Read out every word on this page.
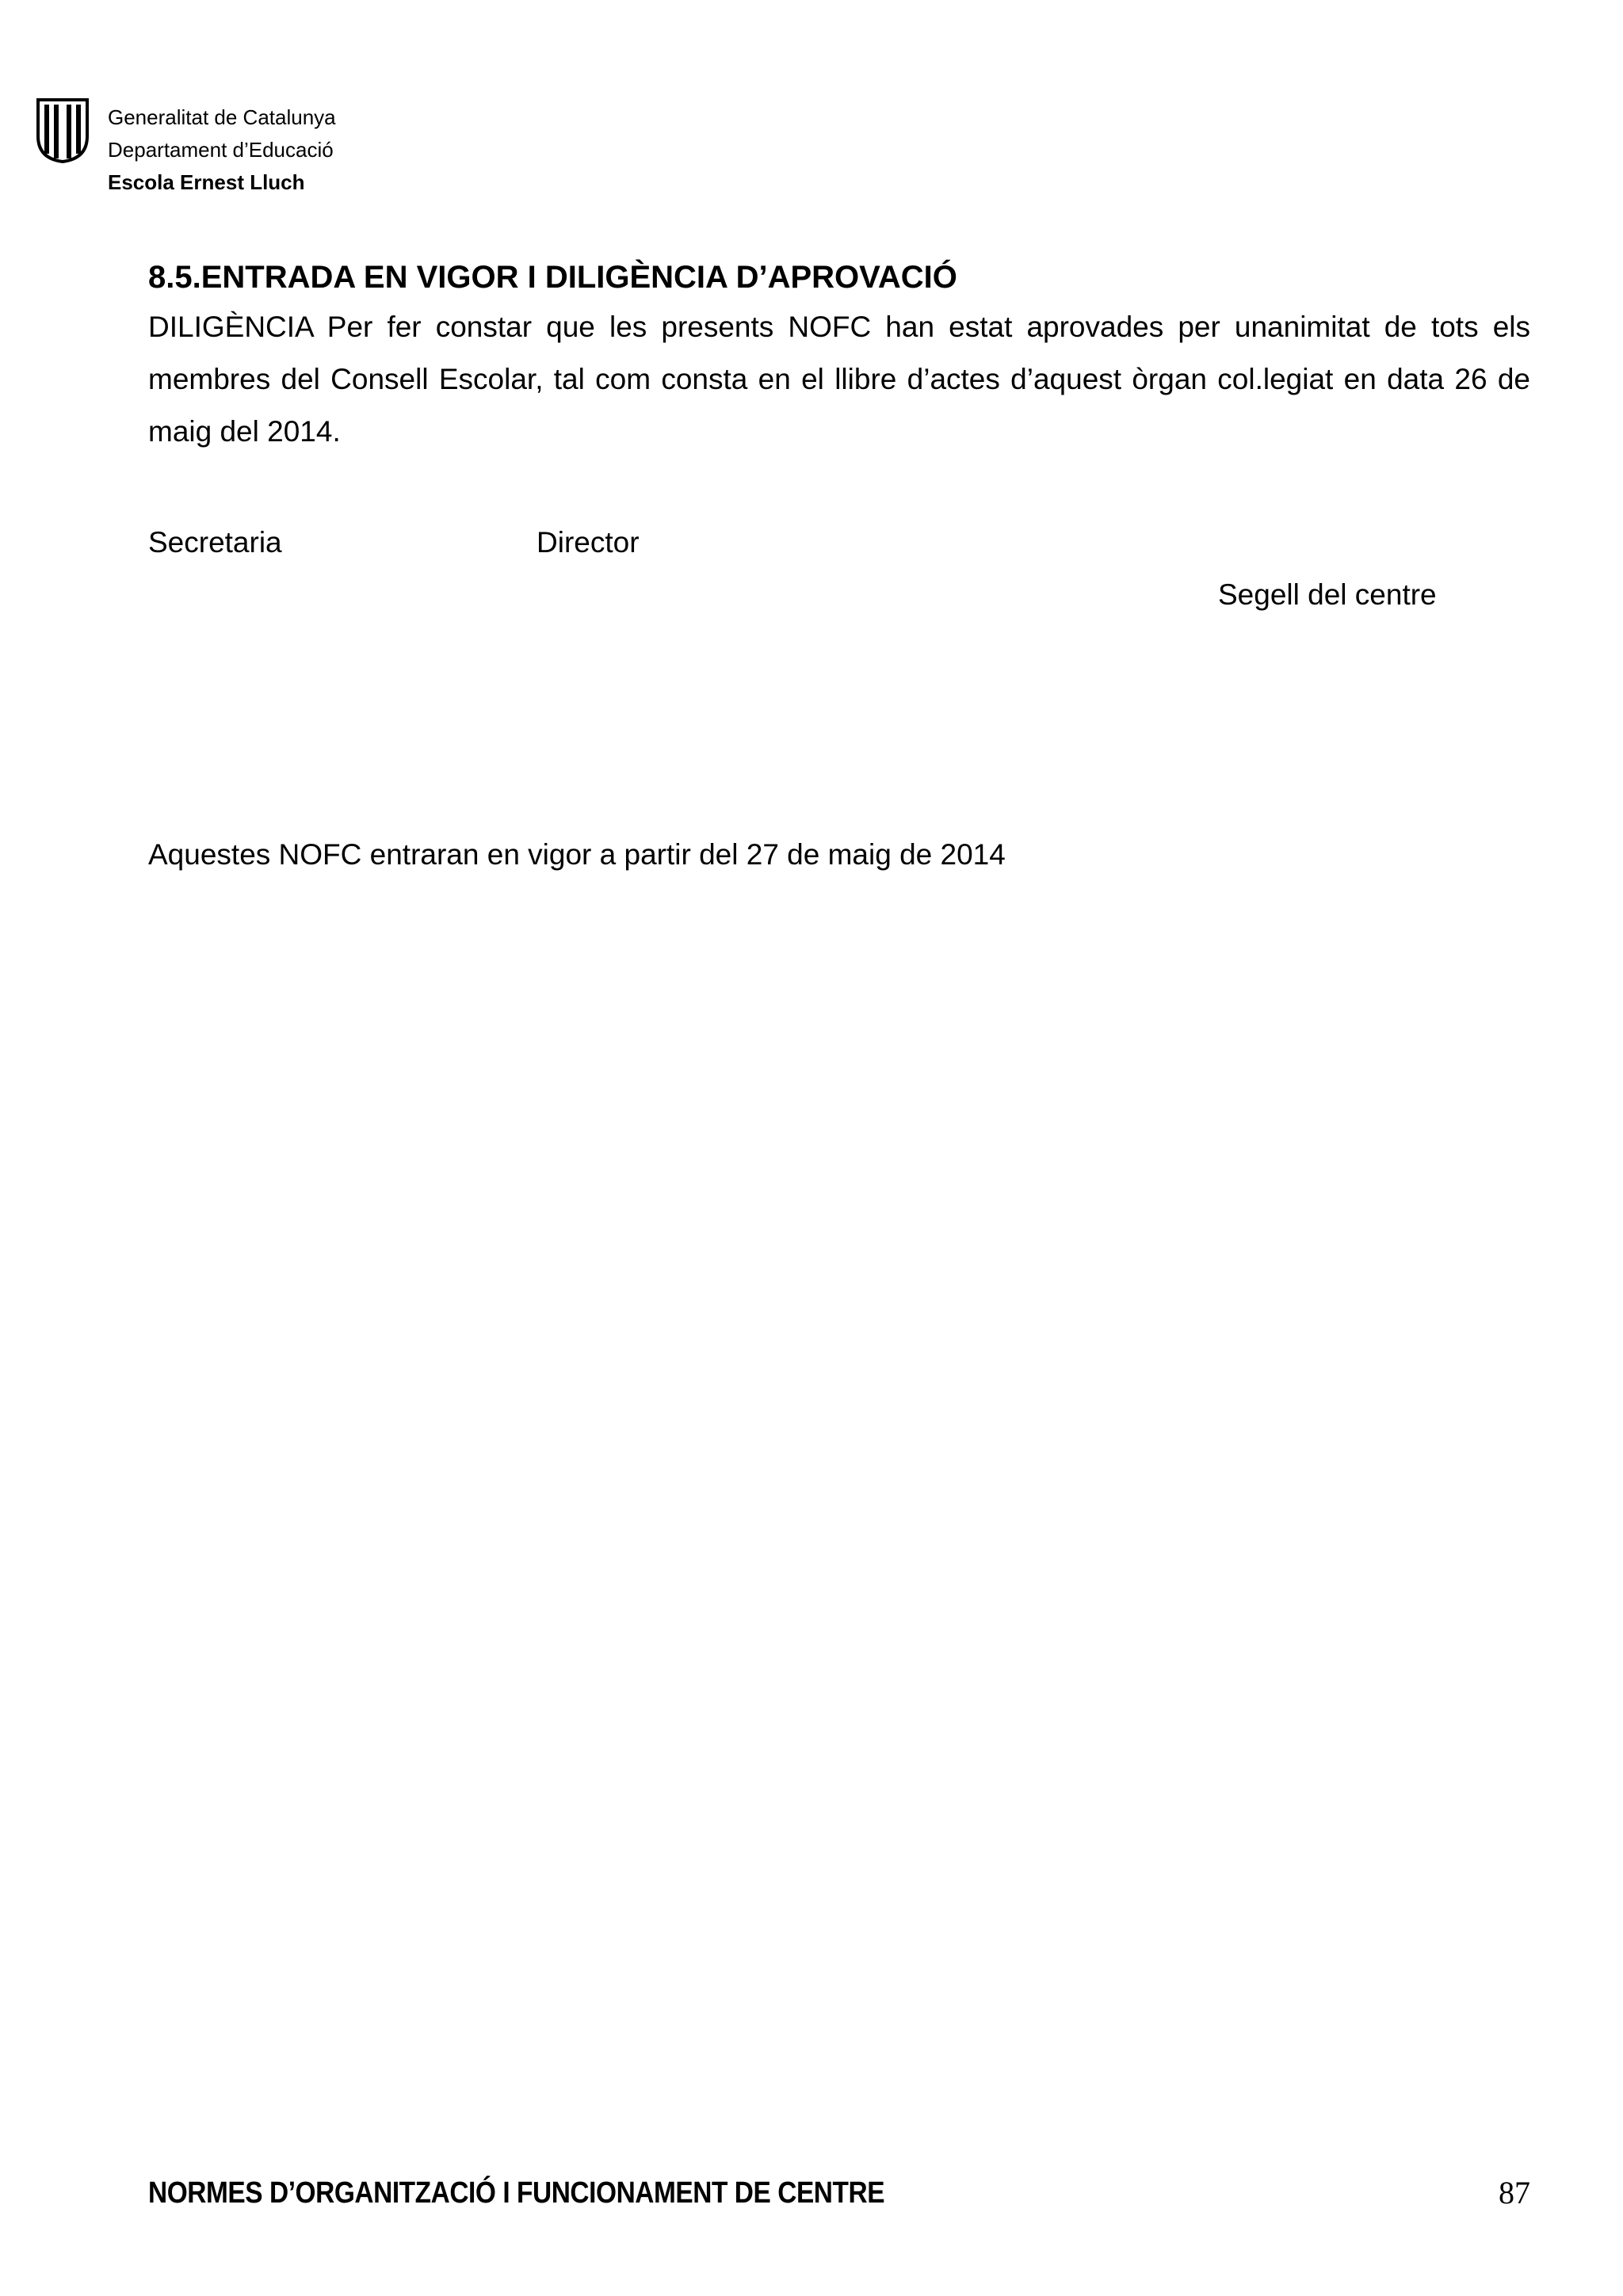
Generalitat de Catalunya
Departament d’Educació
Escola Ernest Lluch
8.5.ENTRADA EN VIGOR I DILIGÈNCIA D’APROVACIÓ

DILIGÈNCIA Per fer constar que les presents NOFC han estat aprovades per unanimitat de tots els membres del Consell Escolar, tal com consta en el llibre d’actes d’aquest òrgan col.legiat en data 26 de maig del 2014.

Secretaria	Director
Segell del centre
Aquestes NOFC entraran en vigor a partir del 27 de maig de 2014
NORMES D’ORGANITZACIÓ I FUNCIONAMENT DE CENTRE	87
